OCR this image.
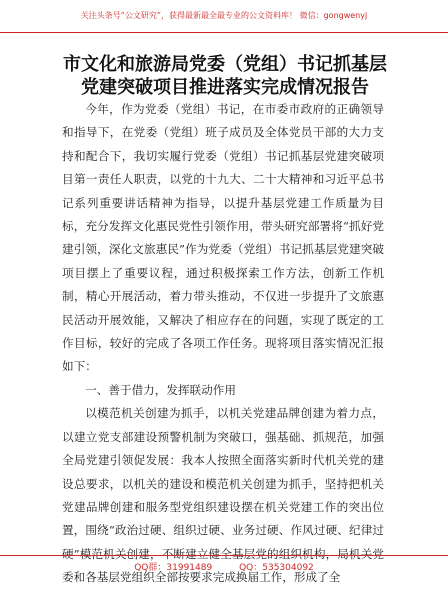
关注头条号“公文研究”，获得最新最全最专业的公文资料库！ 微信：gongwenyj
市文化和旅游局党委（党组）书记抓基层党建突破项目推进落实完成情况报告

今年，作为党委（党组）书记，在市委市政府的正确领导和指导下，在党委（党组）班子成员及全体党员干部的大力支持和配合下，我切实履行党委（党组）书记抓基层党建突破项目第一责任人职责，以党的十九大、二十大精神和习近平总书记系列重要讲话精神为指导，以提升基层党建工作质量为目标，充分发挥文化惠民党性引领作用，带头研究部署将“抓好党建引领，深化文旅惠民”作为党委（党组）书记抓基层党建突破项目摆上了重要议程，通过积极探索工作方法，创新工作机制，精心开展活动，着力带头推动，不仅进一步提升了文旅惠民活动开展效能，又解决了相应存在的问题，实现了既定的工作目标，较好的完成了各项工作任务。现将项目落实情况汇报如下：

一、善于借力，发挥联动作用

以模范机关创建为抓手，以机关党建品牌创建为着力点，以建立党支部建设预警机制为突破口，强基础、抓规范，加强全局党建引领促发展：我本人按照全面落实新时代机关党的建设总要求，以机关的建设和模范机关创建为抓手，坚持把机关党建品牌创建和服务型党组织建设摆在机关党建工作的突出位置，围绕“政治过硬、组织过硬、业务过硬、作风过硬、纪律过硬”模范机关创建，不断建立健全基层党的组织机构，局机关党委和各基层党组织全部按要求完成换届工作，形成了全

QQ群：31991489	QQ：535304092
